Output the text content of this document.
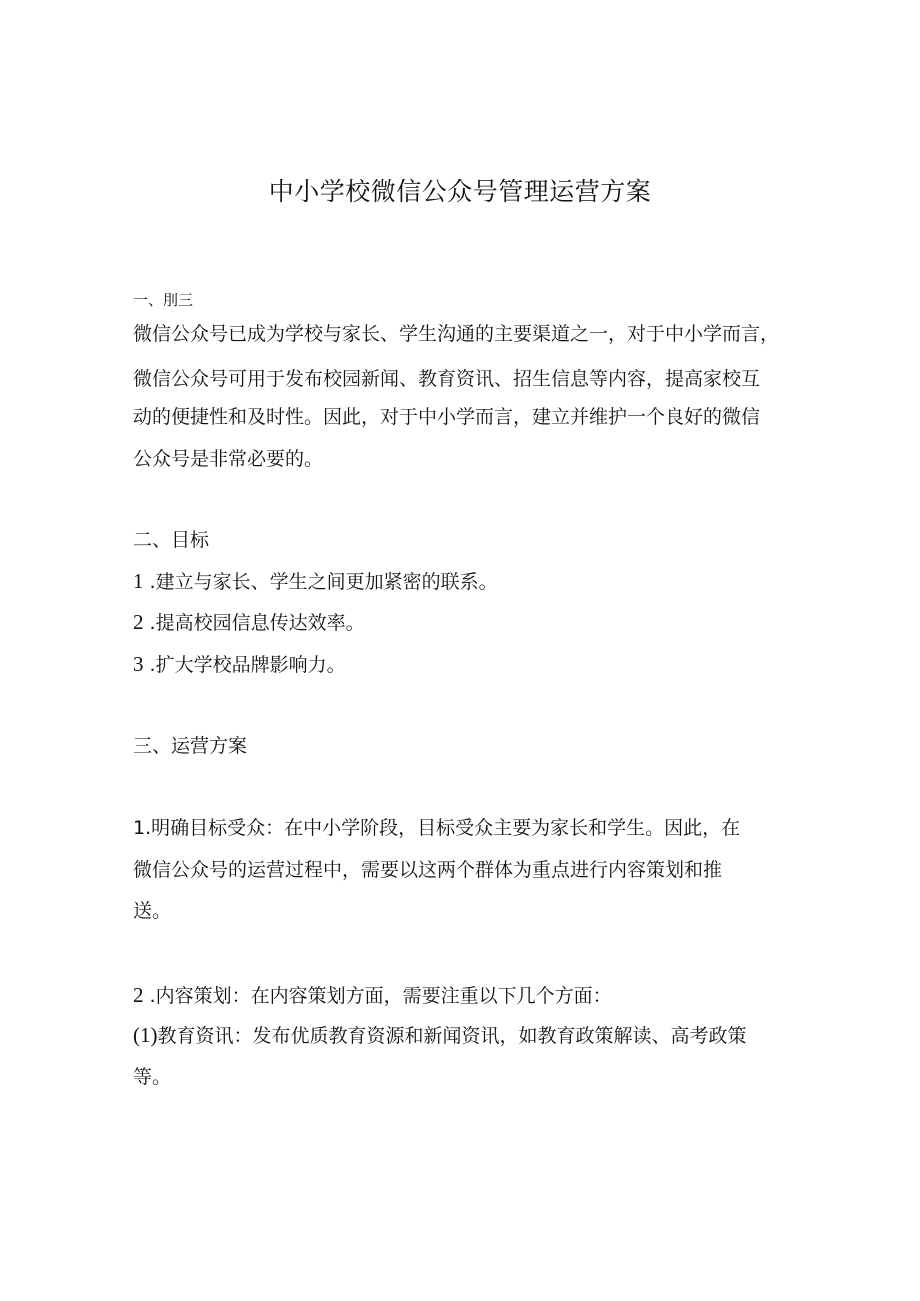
中小学校微信公众号管理运营方案

一、刖三

微信公众号已成为学校与家长、学生沟通的主要渠道之一，对于中小学而言，

微信公众号可用于发布校园新闻、教育资讯、招生信息等内容，提高家校互

动的便捷性和及时性。因此，对于中小学而言，建立并维护一个良好的微信

公众号是非常必要的。

二、目标

1 .建立与家长、学生之间更加紧密的联系。

2 .提高校园信息传达效率。

3 .扩大学校品牌影响力。

三、运营方案

1.明确目标受众：在中小学阶段，目标受众主要为家长和学生。因此，在

微信公众号的运营过程中，需要以这两个群体为重点进行内容策划和推

送。

2 .内容策划：在内容策划方面，需要注重以下几个方面：

(1)教育资讯：发布优质教育资源和新闻资讯，如教育政策解读、高考政策

等。
